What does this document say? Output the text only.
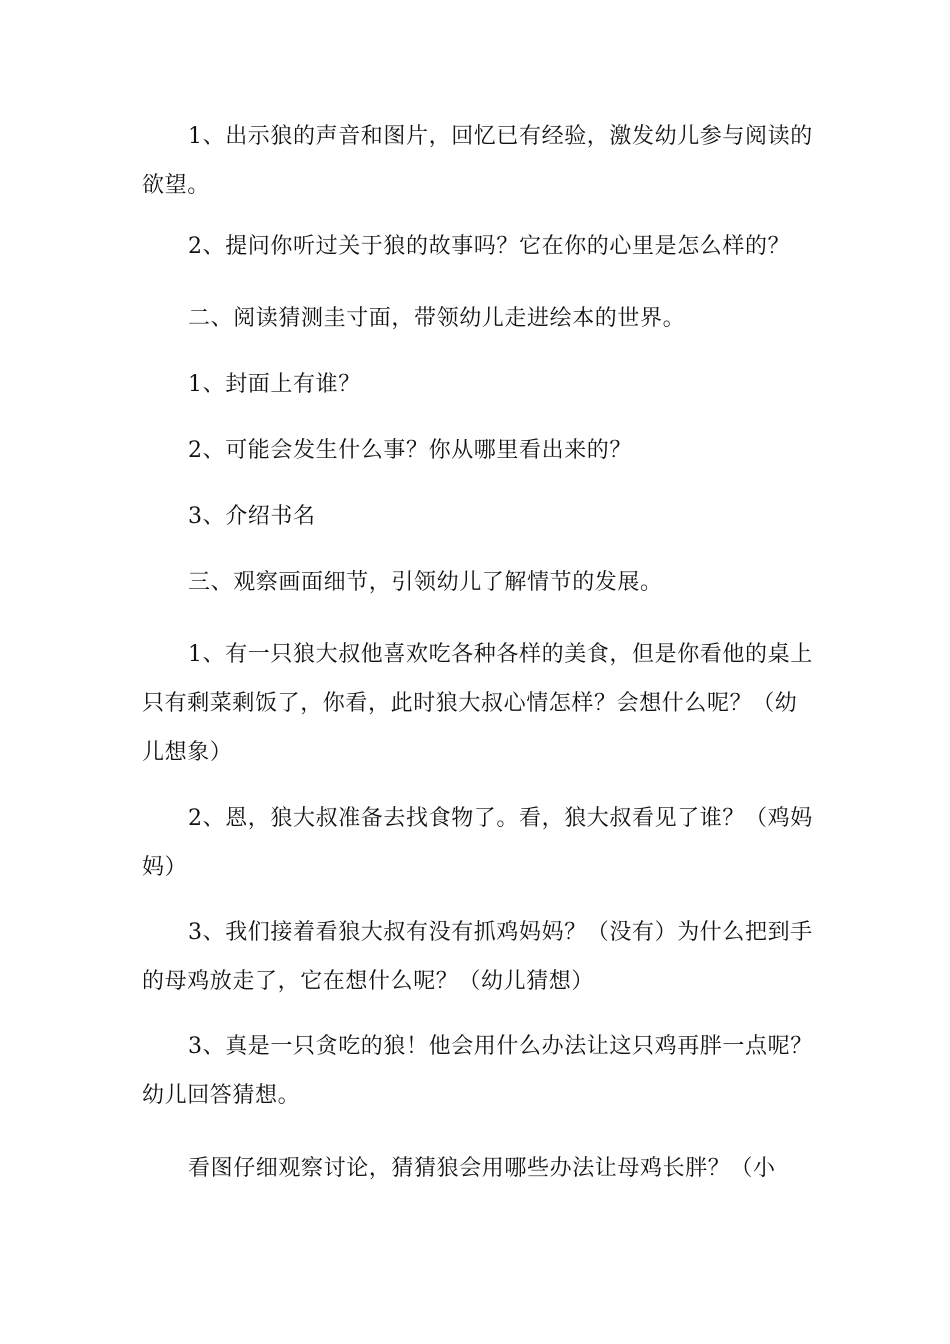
1、出示狼的声音和图片，回忆已有经验，激发幼儿参与阅读的欲望。

2、提问你听过关于狼的故事吗？它在你的心里是怎么样的？

二、阅读猜测圭寸面，带领幼儿走进绘本的世界。

1、封面上有谁？

2、可能会发生什么事？你从哪里看出来的？

3、介绍书名

三、观察画面细节，引领幼儿了解情节的发展。

1、有一只狼大叔他喜欢吃各种各样的美食，但是你看他的桌上只有剩菜剩饭了，你看，此时狼大叔心情怎样？会想什么呢？（幼儿想象）

2、恩，狼大叔准备去找食物了。看，狼大叔看见了谁？（鸡妈妈）

3、我们接着看狼大叔有没有抓鸡妈妈？（没有）为什么把到手的母鸡放走了，它在想什么呢？（幼儿猜想）

3、真是一只贪吃的狼！他会用什么办法让这只鸡再胖一点呢？幼儿回答猜想。

看图仔细观察讨论，猜猜狼会用哪些办法让母鸡长胖？（小
